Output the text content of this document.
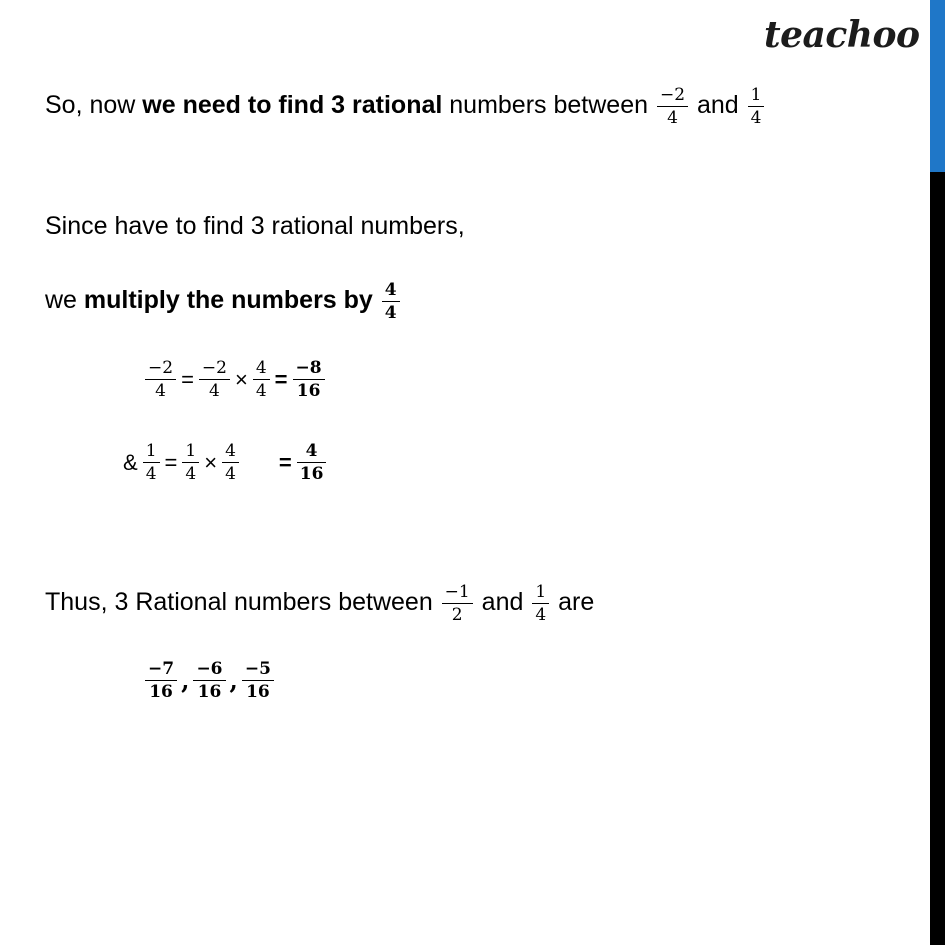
teachoo
So, now we need to find 3 rational numbers between $\frac{-2}{4}$ and $\frac{1}{4}$
Since have to find 3 rational numbers,
we multiply the numbers by $\frac{4}{4}$
$\frac{-2}{4} = \frac{-2}{4} \times \frac{4}{4} = \frac{-8}{16}$
& $\frac{1}{4} = \frac{1}{4} \times \frac{4}{4} = \frac{4}{16}$
Thus, 3 Rational numbers between $\frac{-1}{2}$ and $\frac{1}{4}$ are
$\frac{-7}{16}$ , $\frac{-6}{16}$ , $\frac{-5}{16}$
